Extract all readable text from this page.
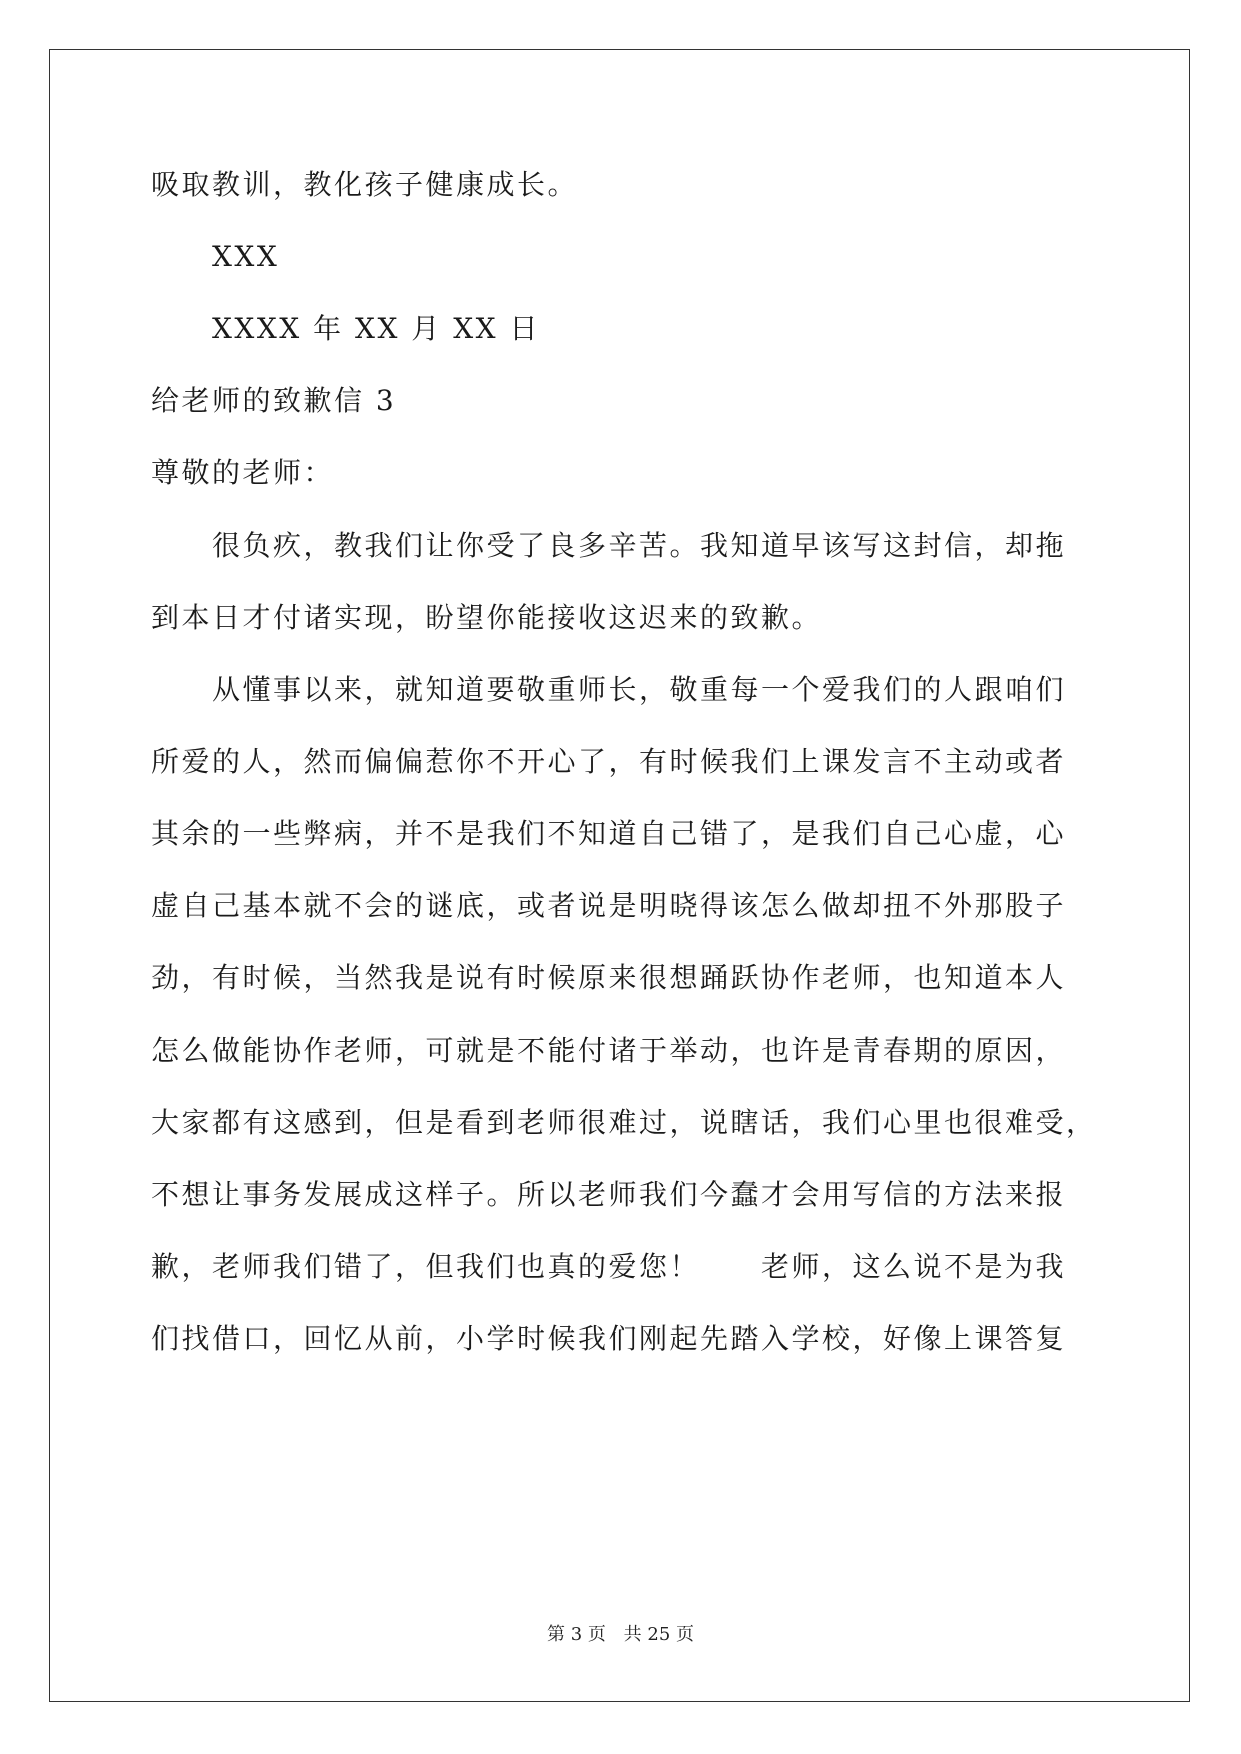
吸取教训，教化孩子健康成长。
XXX
XXXX 年 XX 月 XX 日
给老师的致歉信 3
尊敬的老师：
很负疚，教我们让你受了良多辛苦。我知道早该写这封信，却拖
到本日才付诸实现，盼望你能接收这迟来的致歉。
从懂事以来，就知道要敬重师长，敬重每一个爱我们的人跟咱们
所爱的人，然而偏偏惹你不开心了，有时候我们上课发言不主动或者
其余的一些弊病，并不是我们不知道自己错了，是我们自己心虚，心
虚自己基本就不会的谜底，或者说是明晓得该怎么做却扭不外那股子
劲，有时候，当然我是说有时候原来很想踊跃协作老师，也知道本人
怎么做能协作老师，可就是不能付诸于举动，也许是青春期的原因，
大家都有这感到，但是看到老师很难过，说瞎话，我们心里也很难受，
不想让事务发展成这样子。所以老师我们今蠢才会用写信的方法来报
歉，老师我们错了，但我们也真的爱您！　　老师，这么说不是为我
们找借口，回忆从前，小学时候我们刚起先踏入学校，好像上课答复
第 3 页 共 25 页
